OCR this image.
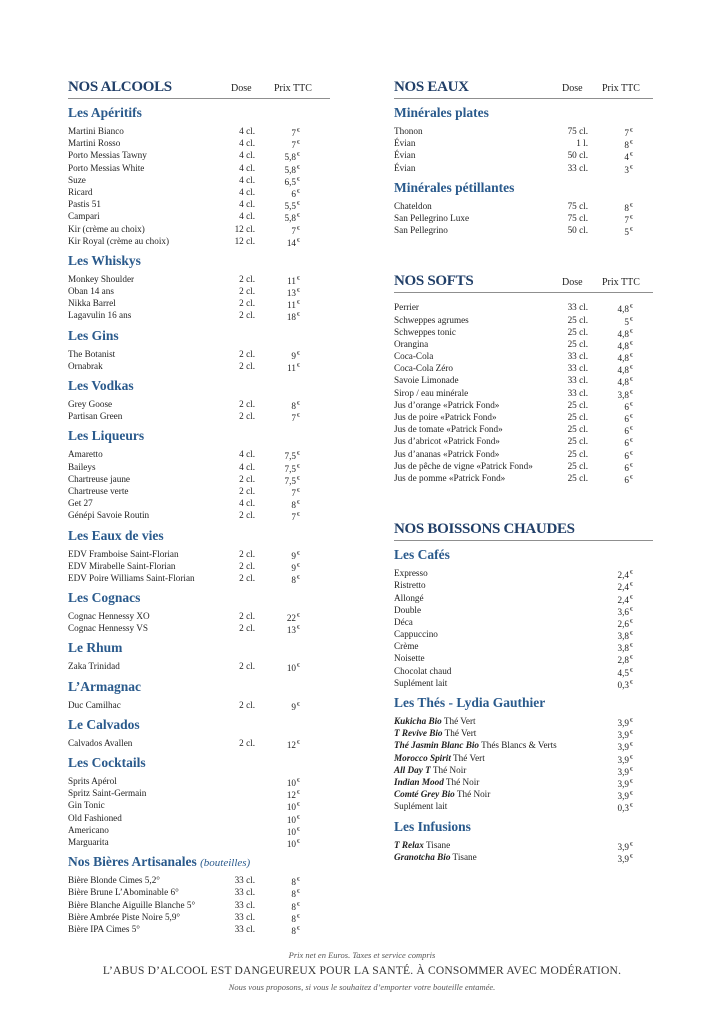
NOS ALCOOLS	Dose Prix TTC
Les Apéritifs
Martini Bianco	4 cl.	7€
Martini Rosso	4 cl.	7€
Porto Messias Tawny	4 cl.	5,8€
Porto Messias White	4 cl.	5,8€
Suze	4 cl.	6,5€
Ricard	4 cl.	6€
Pastis 51	4 cl.	5,5€
Campari	4 cl.	5,8€
Kir (crème au choix)	12 cl.	7€
Kir Royal (crème au choix)	12 cl.	14€
Les Whiskys
Monkey Shoulder	2 cl.	11€
Oban 14 ans	2 cl.	13€
Nikka Barrel	2 cl.	11€
Lagavulin 16 ans	2 cl.	18€
Les Gins
The Botanist	2 cl.	9€
Ornabrak	2 cl.	11€
Les Vodkas
Grey Goose	2 cl.	8€
Partisan Green	2 cl.	7€
Les Liqueurs
Amaretto	4 cl.	7,5€
Baileys	4 cl.	7,5€
Chartreuse jaune	2 cl.	7,5€
Chartreuse verte	2 cl.	7€
Get 27	4 cl.	8€
Génépi Savoie Routin	2 cl.	7€
Les Eaux de vies
EDV Framboise Saint-Florian	2 cl.	9€
EDV Mirabelle Saint-Florian	2 cl.	9€
EDV Poire Williams Saint-Florian	2 cl.	8€
Les Cognacs
Cognac Hennessy XO	2 cl.	22€
Cognac Hennessy VS	2 cl.	13€
Le Rhum
Zaka Trinidad	2 cl.	10€
L’Armagnac
Duc Camilhac	2 cl.	9€
Le Calvados
Calvados Avallen	2 cl.	12€
Les Cocktails
Sprits Apérol	10€
Spritz Saint-Germain	12€
Gin Tonic	10€
Old Fashioned	10€
Americano	10€
Marguarita	10€
Nos Bières Artisanales (bouteilles)
Bière Blonde Cimes 5,2°	33 cl.	8€
Bière Brune L’Abominable 6°	33 cl.	8€
Bière Blanche Aiguille Blanche 5°	33 cl.	8€
Bière Ambrée Piste Noire 5,9°	33 cl.	8€
Bière IPA Cimes 5°	33 cl.	8€
NOS EAUX	Dose Prix TTC
Minérales plates
Thonon	75 cl.	7€
Évian	1 l.	8€
Évian	50 cl.	4€
Évian	33 cl.	3€
Minérales pétillantes
Chateldon	75 cl.	8€
San Pellegrino Luxe	75 cl.	7€
San Pellegrino	50 cl.	5€
NOS SOFTS	Dose Prix TTC
Perrier	33 cl.	4,8€
Schweppes agrumes	25 cl.	5€
Schweppes tonic	25 cl.	4,8€
Orangina	25 cl.	4,8€
Coca-Cola	33 cl.	4,8€
Coca-Cola Zéro	33 cl.	4,8€
Savoie Limonade	33 cl.	4,8€
Sirop / eau minérale	33 cl.	3,8€
Jus d’orange «Patrick Fond»	25 cl.	6€
Jus de poire «Patrick Fond»	25 cl.	6€
Jus de tomate «Patrick Fond»	25 cl.	6€
Jus d’abricot «Patrick Fond»	25 cl.	6€
Jus d’ananas «Patrick Fond»	25 cl.	6€
Jus de pêche de vigne «Patrick Fond»	25 cl.	6€
Jus de pomme «Patrick Fond»	25 cl.	6€
NOS BOISSONS CHAUDES
Les Cafés
Expresso	2,4€
Ristretto	2,4€
Allongé	2,4€
Double	3,6€
Déca	2,6€
Cappuccino	3,8€
Crème	3,8€
Noisette	2,8€
Chocolat chaud	4,5€
Suplément lait	0,3€
Les Thés - Lydia Gauthier
Kukicha Bio Thé Vert	3,9€
T Revive Bio Thé Vert	3,9€
Thé Jasmin Blanc Bio Thés Blancs & Verts	3,9€
Morocco Spirit Thé Vert	3,9€
All Day T Thé Noir	3,9€
Indian Mood Thé Noir	3,9€
Comté Grey Bio Thé Noir	3,9€
Suplément lait	0,3€
Les Infusions
T Relax Tisane	3,9€
Granotcha Bio Tisane	3,9€
Prix net en Euros. Taxes et service compris
L’ABUS D’ALCOOL EST DANGEUREUX POUR LA SANTÉ. À CONSOMMER AVEC MODÉRATION.
Nous vous proposons, si vous le souhaitez d’emporter votre bouteille entamée.
